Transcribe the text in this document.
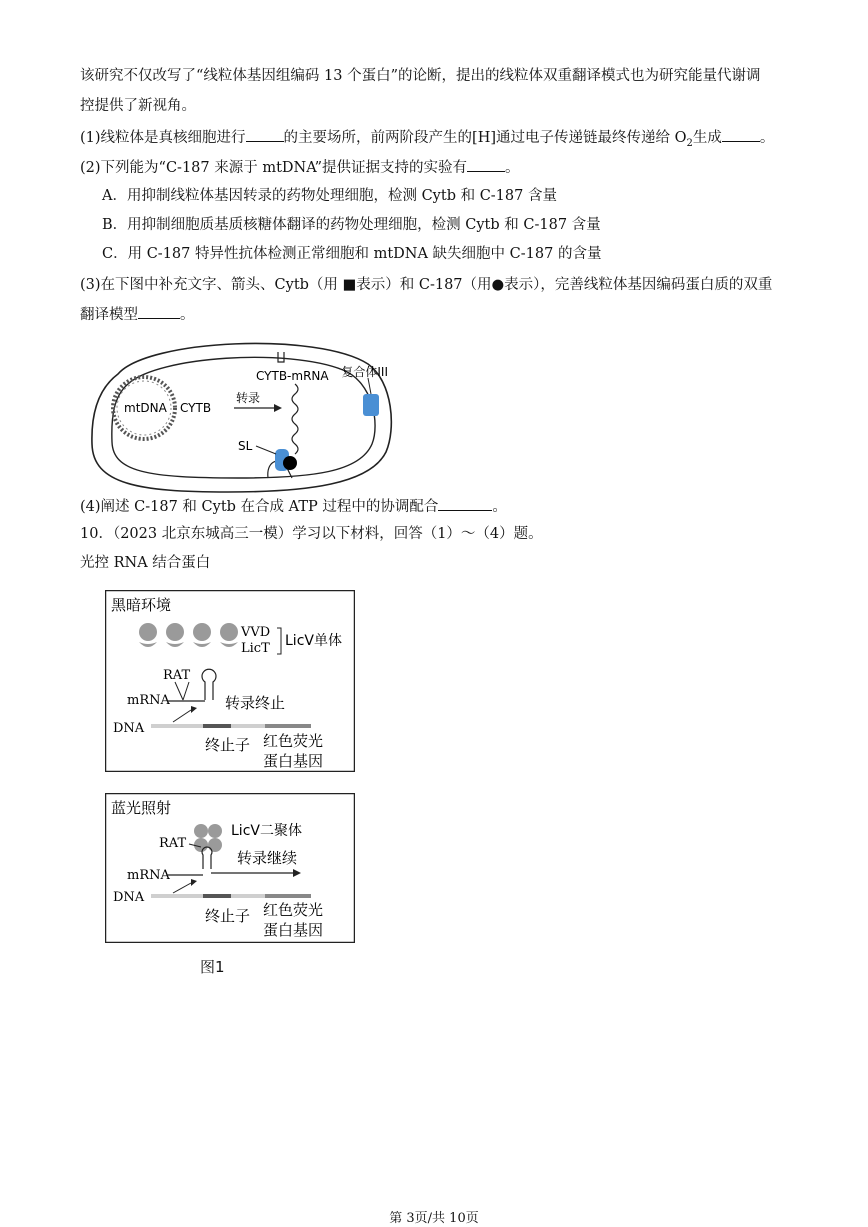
该研究不仅改写了“线粒体基因组编码 13 个蛋白”的论断，提出的线粒体双重翻译模式也为研究能量代谢调
控提供了新视角。
(1)线粒体是真核细胞进行	的主要场所，前两阶段产生的[H]通过电子传递链最终传递给 $O_2$生成	。
(2)下列能为“C-187 来源于 mtDNA”提供证据支持的实验有	。
A．用抑制线粒体基因转录的药物处理细胞，检测 Cytb 和 C-187 含量
B．用抑制细胞质基质核糖体翻译的药物处理细胞，检测 Cytb 和 C-187 含量
C．用 C-187 特异性抗体检测正常细胞和 mtDNA 缺失细胞中 C-187 的含量
(3)在下图中补充文字、箭头、Cytb（用 ■表示）和 C-187（用●表示），完善线粒体基因编码蛋白质的双重
翻译模型	。
mtDNA CYTB
转录
CYTB-mRNA 复合体III
SL
(4)阐述 C-187 和 Cytb 在合成 ATP 过程中的协调配合	。
10．（2023 北京东城高三一模）学习以下材料，回答（1）～（4）题。
光控 RNA 结合蛋白
黑暗环境
VVD
LicT LicV单体
RAT
mRNA	转录终止
DNA
终止子 红色荧光
蛋白基因
蓝光照射
LicV二聚体
RAT
转录继续
mRNA
DNA
终止子 红色荧光
蛋白基因
图1
第 3页/共 10页
